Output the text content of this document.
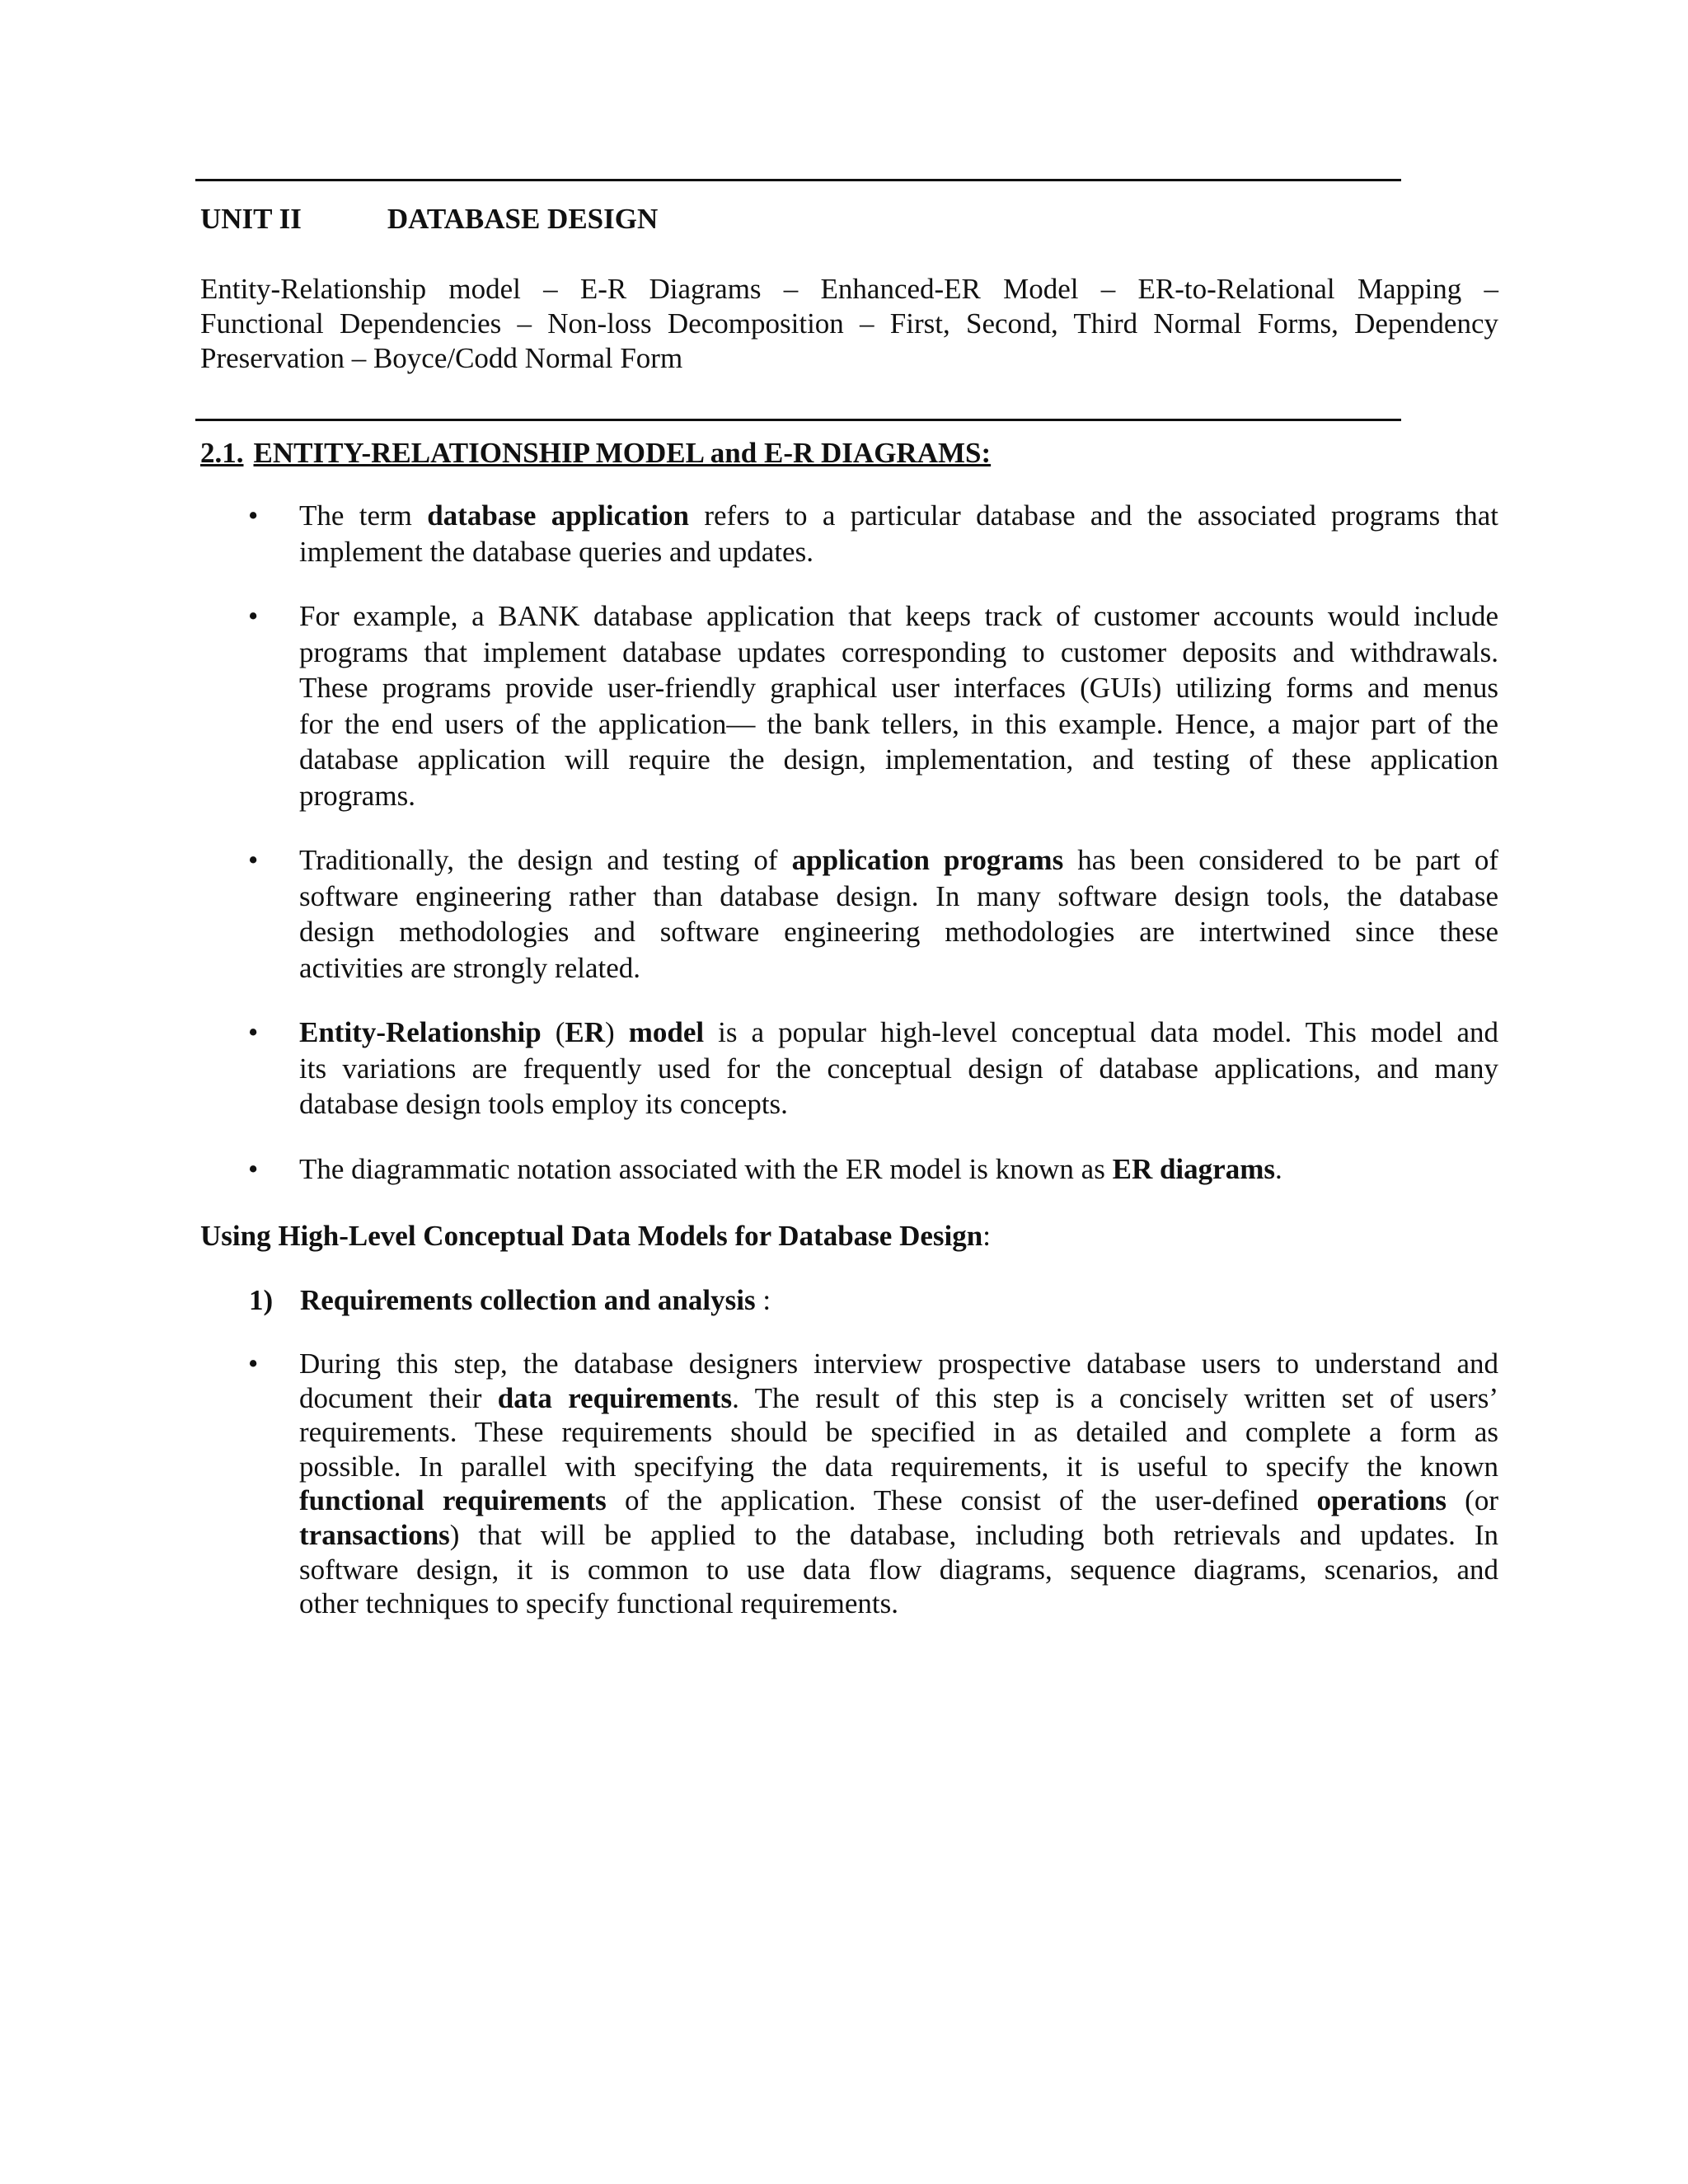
UNIT II	DATABASE DESIGN
Entity-Relationship model – E-R Diagrams – Enhanced-ER Model – ER-to-Relational Mapping –
Functional Dependencies – Non-loss Decomposition – First, Second, Third Normal Forms, Dependency
Preservation – Boyce/Codd Normal Form
2.1. ENTITY-RELATIONSHIP MODEL and E-R DIAGRAMS:
• The term database application refers to a particular database and the associated programs that
implement the database queries and updates.
• For example, a BANK database application that keeps track of customer accounts would include
programs that implement database updates corresponding to customer deposits and withdrawals.
These programs provide user-friendly graphical user interfaces (GUIs) utilizing forms and menus
for the end users of the application— the bank tellers, in this example. Hence, a major part of the
database application will require the design, implementation, and testing of these application
programs.
• Traditionally, the design and testing of application programs has been considered to be part of
software engineering rather than database design. In many software design tools, the database
design methodologies and software engineering methodologies are intertwined since these
activities are strongly related.
• Entity-Relationship (ER) model is a popular high-level conceptual data model. This model and
its variations are frequently used for the conceptual design of database applications, and many
database design tools employ its concepts.
• The diagrammatic notation associated with the ER model is known as ER diagrams.
Using High-Level Conceptual Data Models for Database Design:
1) Requirements collection and analysis :
• During this step, the database designers interview prospective database users to understand and
document their data requirements. The result of this step is a concisely written set of users’
requirements. These requirements should be specified in as detailed and complete a form as
possible. In parallel with specifying the data requirements, it is useful to specify the known
functional requirements of the application. These consist of the user-defined operations (or
transactions) that will be applied to the database, including both retrievals and updates. In
software design, it is common to use data flow diagrams, sequence diagrams, scenarios, and
other techniques to specify functional requirements.
